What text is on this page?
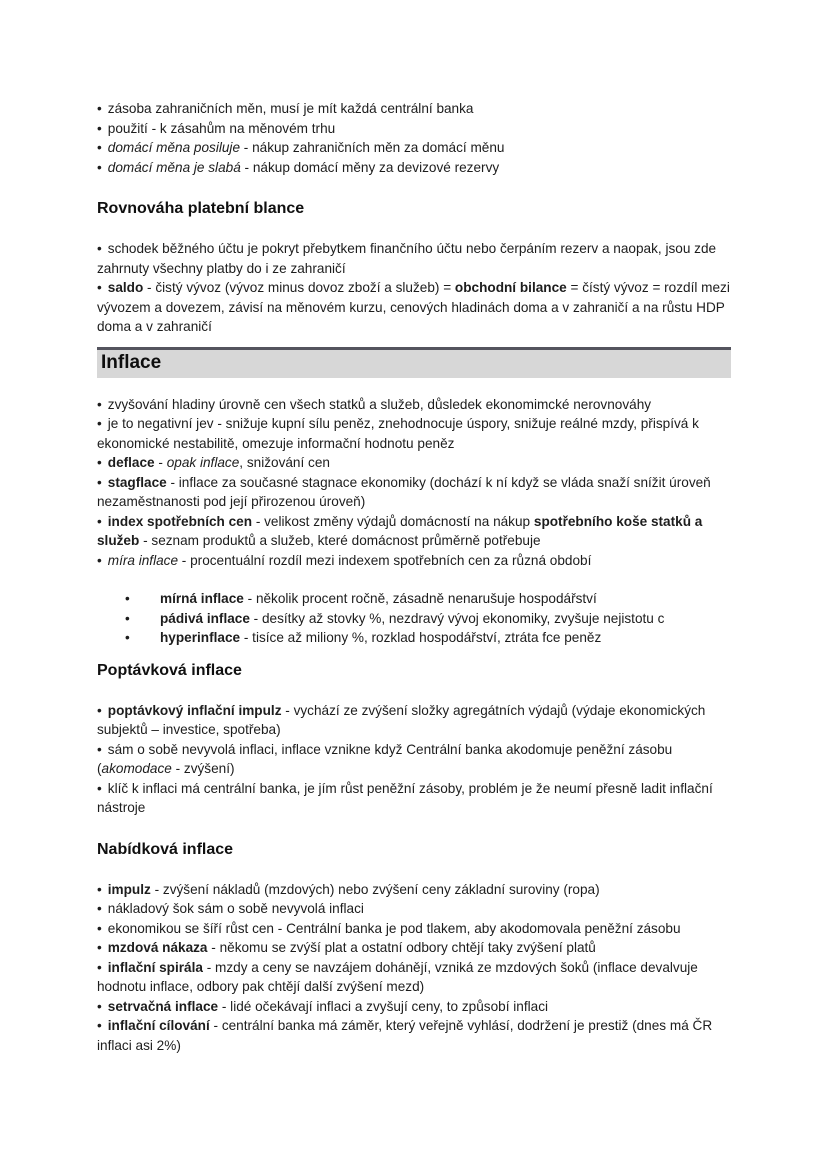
• zásoba zahraničních měn, musí je mít každá centrální banka

• použití - k zásahům na měnovém trhu

• domácí měna posiluje - nákup zahraničních měn za domácí měnu

• domácí měna je slabá - nákup domácí měny za devizové rezervy

Rovnováha platební blance

• schodek běžného účtu je pokryt přebytkem finančního účtu nebo čerpáním rezerv a naopak, jsou zde zahrnuty všechny platby do i ze zahraničí

• saldo - čistý vývoz (vývoz minus dovoz zboží a služeb) = obchodní bilance = čístý vývoz = rozdíl mezi vývozem a dovezem, závisí na měnovém kurzu, cenových hladinách doma a v zahraničí a na růstu HDP doma a v zahraničí

Inflace

• zvyšování hladiny úrovně cen všech statků a služeb, důsledek ekonomimcké nerovnováhy

• je to negativní jev - snižuje kupní sílu peněz, znehodnocuje úspory, snižuje reálné mzdy, přispívá k ekonomické nestabilitě, omezuje informační hodnotu peněz

• deflace - opak inflace, snižování cen

• stagflace - inflace za současné stagnace ekonomiky (dochází k ní když se vláda snaží snížit úroveň nezaměstnanosti pod její přirozenou úroveň)

• index spotřebních cen - velikost změny výdajů domácností na nákup spotřebního koše statků a služeb - seznam produktů a služeb, které domácnost průměrně potřebuje

• míra inflace - procentuální rozdíl mezi indexem spotřebních cen za různá období

• mírná inflace - několik procent ročně, zásadně nenarušuje hospodářství

• pádivá inflace - desítky až stovky %, nezdravý vývoj ekonomiky, zvyšuje nejistotu c

• hyperinflace - tisíce až miliony %, rozklad hospodářství, ztráta fce peněz

Poptávková inflace

• poptávkový inflační impulz - vychází ze zvýšení složky agregátních výdajů (výdaje ekonomických subjektů – investice, spotřeba)

• sám o sobě nevyvolá inflaci, inflace vznikne když Centrální banka akodomuje peněžní zásobu (akomodace - zvýšení)

• klíč k inflaci má centrální banka, je jím růst peněžní zásoby, problém je že neumí přesně ladit inflační nástroje

Nabídková inflace

• impulz - zvýšení nákladů (mzdových) nebo zvýšení ceny základní suroviny (ropa)

• nákladový šok sám o sobě nevyvolá inflaci

• ekonomikou se šíří růst cen - Centrální banka je pod tlakem, aby akodomovala peněžní zásobu

• mzdová nákaza - někomu se zvýší plat a ostatní odbory chtějí taky zvýšení platů

• inflační spirála - mzdy a ceny se navzájem dohánějí, vzniká ze mzdových šoků (inflace devalvuje hodnotu inflace, odbory pak chtějí další zvýšení mezd)

• setrvačná inflace - lidé očekávají inflaci a zvyšují ceny, to způsobí inflaci

• inflační cílování - centrální banka má záměr, který veřejně vyhlásí, dodržení je prestiž (dnes má ČR inflaci asi 2%)
